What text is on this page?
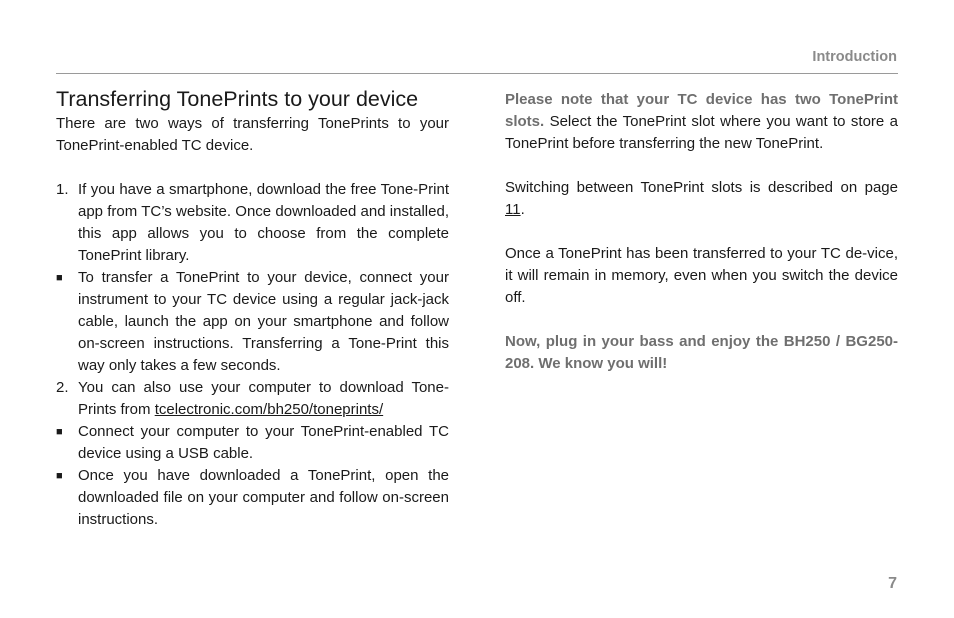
Introduction
Transferring TonePrints to your device

There are two ways of transferring TonePrints to your TonePrint-enabled TC device.

1. If you have a smartphone, download the free Tone-Print app from TC’s website. Once downloaded and installed, this app allows you to choose from the complete TonePrint library.
■ To transfer a TonePrint to your device, connect your instrument to your TC device using a regular jack-jack cable, launch the app on your smartphone and follow on-screen instructions. Transferring a Tone-Print this way only takes a few seconds.
2. You can also use your computer to download Tone-Prints from tcelectronic.com/bh250/toneprints/
■ Connect your computer to your TonePrint-enabled TC device using a USB cable.
■ Once you have downloaded a TonePrint, open the downloaded file on your computer and follow on-screen instructions.

Please note that your TC device has two TonePrint slots. Select the TonePrint slot where you want to store a TonePrint before transferring the new TonePrint.

Switching between TonePrint slots is described on page 11.

Once a TonePrint has been transferred to your TC de-vice, it will remain in memory, even when you switch the device off.

Now, plug in your bass and enjoy the BH250 / BG250-208. We know you will!

7
